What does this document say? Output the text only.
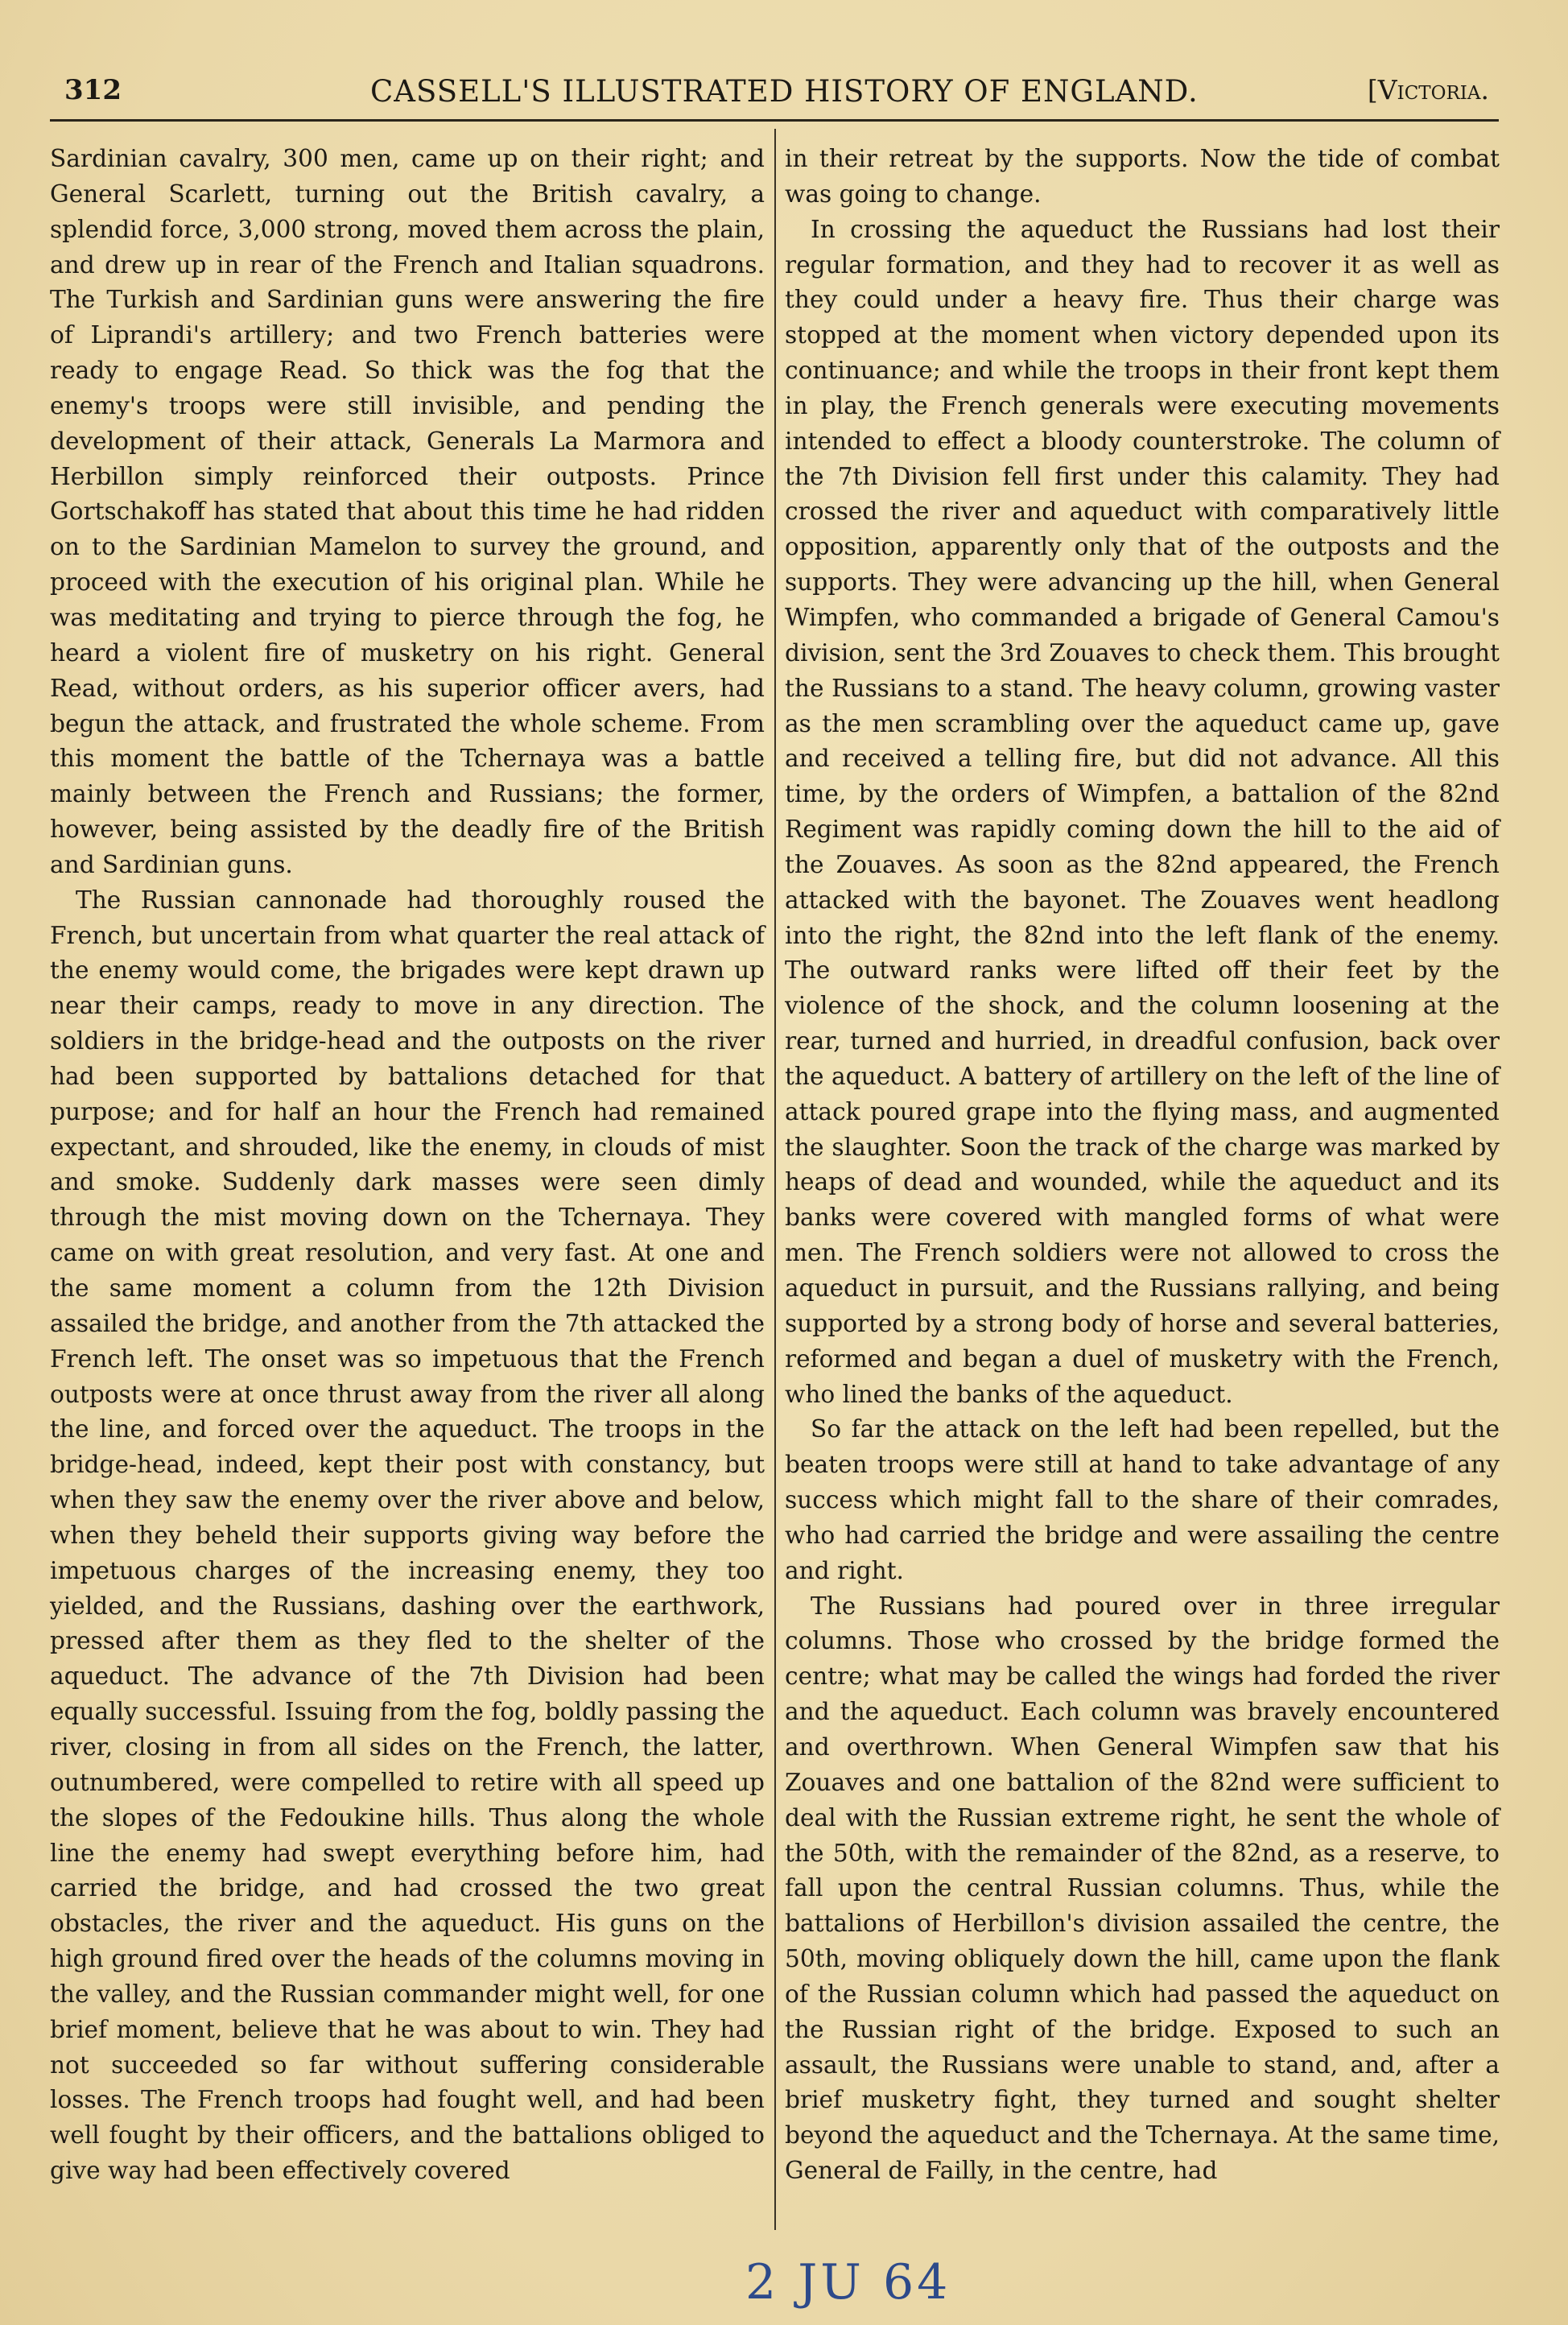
312	CASSELL'S ILLUSTRATED HISTORY OF ENGLAND.	[Victoria.

Sardinian cavalry, 300 men, came up on their right; and General Scarlett, turning out the British cavalry, a splendid force, 3,000 strong, moved them across the plain, and drew up in rear of the French and Italian squadrons. The Turkish and Sardinian guns were answering the fire of Liprandi's artillery; and two French batteries were ready to engage Read. So thick was the fog that the enemy's troops were still invisible, and pending the development of their attack, Generals La Marmora and Herbillon simply reinforced their outposts. Prince Gortschakoff has stated that about this time he had ridden on to the Sardinian Mamelon to survey the ground, and proceed with the execution of his original plan. While he was meditating and trying to pierce through the fog, he heard a violent fire of musketry on his right. General Read, without orders, as his superior officer avers, had begun the attack, and frustrated the whole scheme. From this moment the battle of the Tchernaya was a battle mainly between the French and Russians; the former, however, being assisted by the deadly fire of the British and Sardinian guns.

The Russian cannonade had thoroughly roused the French, but uncertain from what quarter the real attack of the enemy would come, the brigades were kept drawn up near their camps, ready to move in any direction. The soldiers in the bridge-head and the outposts on the river had been supported by battalions detached for that purpose; and for half an hour the French had remained expectant, and shrouded, like the enemy, in clouds of mist and smoke. Suddenly dark masses were seen dimly through the mist moving down on the Tchernaya. They came on with great resolution, and very fast. At one and the same moment a column from the 12th Division assailed the bridge, and another from the 7th attacked the French left. The onset was so impetuous that the French outposts were at once thrust away from the river all along the line, and forced over the aqueduct. The troops in the bridge-head, indeed, kept their post with constancy, but when they saw the enemy over the river above and below, when they beheld their supports giving way before the impetuous charges of the increasing enemy, they too yielded, and the Russians, dashing over the earthwork, pressed after them as they fled to the shelter of the aqueduct. The advance of the 7th Division had been equally successful. Issuing from the fog, boldly passing the river, closing in from all sides on the French, the latter, outnumbered, were compelled to retire with all speed up the slopes of the Fedoukine hills. Thus along the whole line the enemy had swept everything before him, had carried the bridge, and had crossed the two great obstacles, the river and the aqueduct. His guns on the high ground fired over the heads of the columns moving in the valley, and the Russian commander might well, for one brief moment, believe that he was about to win. They had not succeeded so far without suffering considerable losses. The French troops had fought well, and had been well fought by their officers, and the battalions obliged to give way had been effectively covered

in their retreat by the supports. Now the tide of combat was going to change.

In crossing the aqueduct the Russians had lost their regular formation, and they had to recover it as well as they could under a heavy fire. Thus their charge was stopped at the moment when victory depended upon its continuance; and while the troops in their front kept them in play, the French generals were executing movements intended to effect a bloody counterstroke. The column of the 7th Division fell first under this calamity. They had crossed the river and aqueduct with comparatively little opposition, apparently only that of the outposts and the supports. They were advancing up the hill, when General Wimpfen, who commanded a brigade of General Camou's division, sent the 3rd Zouaves to check them. This brought the Russians to a stand. The heavy column, growing vaster as the men scrambling over the aqueduct came up, gave and received a telling fire, but did not advance. All this time, by the orders of Wimpfen, a battalion of the 82nd Regiment was rapidly coming down the hill to the aid of the Zouaves. As soon as the 82nd appeared, the French attacked with the bayonet. The Zouaves went headlong into the right, the 82nd into the left flank of the enemy. The outward ranks were lifted off their feet by the violence of the shock, and the column loosening at the rear, turned and hurried, in dreadful confusion, back over the aqueduct. A battery of artillery on the left of the line of attack poured grape into the flying mass, and augmented the slaughter. Soon the track of the charge was marked by heaps of dead and wounded, while the aqueduct and its banks were covered with mangled forms of what were men. The French soldiers were not allowed to cross the aqueduct in pursuit, and the Russians rallying, and being supported by a strong body of horse and several batteries, reformed and began a duel of musketry with the French, who lined the banks of the aqueduct.

So far the attack on the left had been repelled, but the beaten troops were still at hand to take advantage of any success which might fall to the share of their comrades, who had carried the bridge and were assailing the centre and right.

The Russians had poured over in three irregular columns. Those who crossed by the bridge formed the centre; what may be called the wings had forded the river and the aqueduct. Each column was bravely encountered and overthrown. When General Wimpfen saw that his Zouaves and one battalion of the 82nd were sufficient to deal with the Russian extreme right, he sent the whole of the 50th, with the remainder of the 82nd, as a reserve, to fall upon the central Russian columns. Thus, while the battalions of Herbillon's division assailed the centre, the 50th, moving obliquely down the hill, came upon the flank of the Russian column which had passed the aqueduct on the Russian right of the bridge. Exposed to such an assault, the Russians were unable to stand, and, after a brief musketry fight, they turned and sought shelter beyond the aqueduct and the Tchernaya. At the same time, General de Failly, in the centre, had

2 JU 64
